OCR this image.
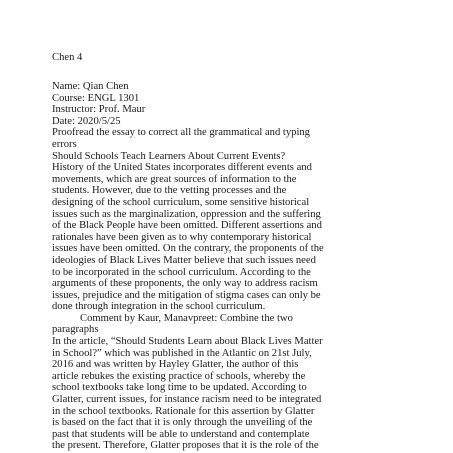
Chen 4
Name: Qian Chen
Course: ENGL 1301
Instructor: Prof. Maur
Date: 2020/5/25
Proofread the essay to correct all the grammatical and typing
errors
Should Schools Teach Learners About Current Events?
History of the United States incorporates different events and
movements, which are great sources of information to the
students. However, due to the vetting processes and the
designing of the school curriculum, some sensitive historical
issues such as the marginalization, oppression and the suffering
of the Black People have been omitted. Different assertions and
rationales have been given as to why contemporary historical
issues have been omitted. On the contrary, the proponents of the
ideologies of Black Lives Matter believe that such issues need
to be incorporated in the school curriculum. According to the
arguments of these proponents, the only way to address racism
issues, prejudice and the mitigation of stigma cases can only be
done through integration in the school curriculum.
Comment by Kaur, Manavpreet: Combine the two
paragraphs
In the article, “Should Students Learn about Black Lives Matter
in School?” which was published in the Atlantic on 21st July,
2016 and was written by Hayley Glatter, the author of this
article rebukes the existing practice of schools, whereby the
school textbooks take long time to be updated. According to
Glatter, current issues, for instance racism need to be integrated
in the school textbooks. Rationale for this assertion by Glatter
is based on the fact that it is only through the unveiling of the
past that students will be able to understand and contemplate
the present. Therefore, Glatter proposes that it is the role of the
